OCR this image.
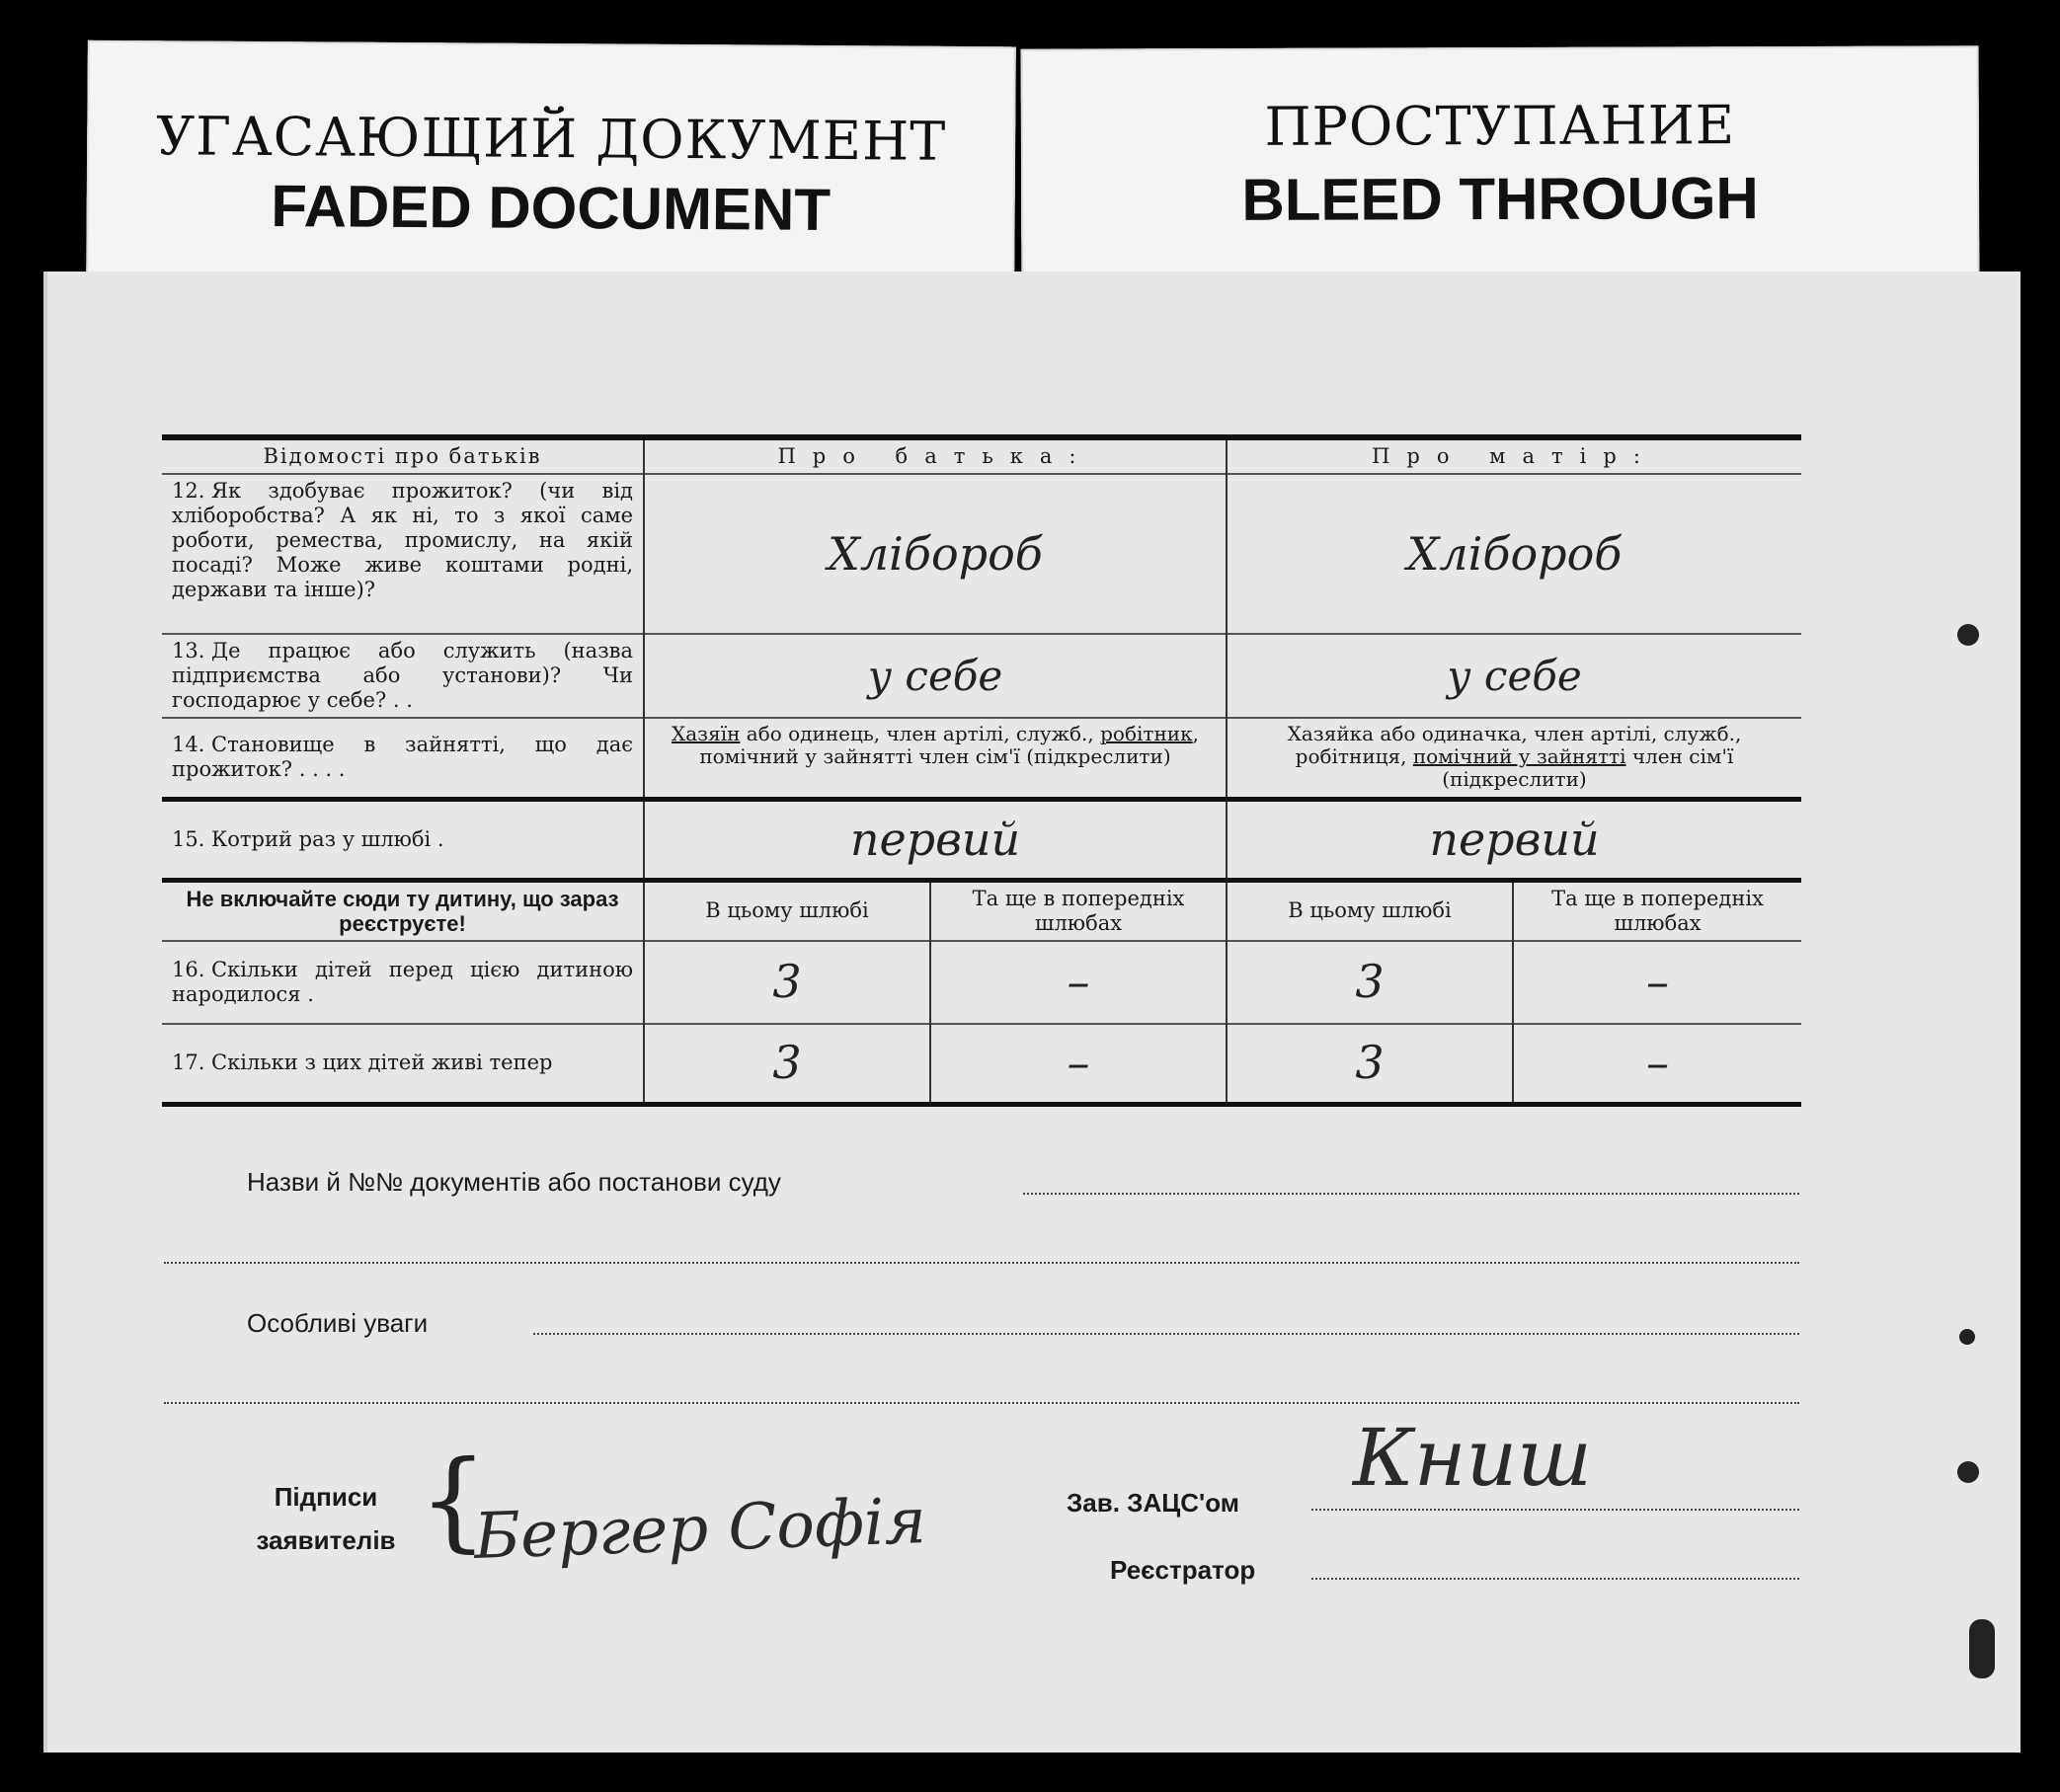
УГАСАЮЩИЙ ДОКУМЕНТ
FADED DOCUMENT
ПРОСТУПАНИЕ
BLEED THROUGH
Відомості про батьків	Про батька:		Про матір:	
12. Як здобуває прожиток? (чи від хліборобства? А як ні, то з якої саме роботи, ремества, промислу, на якій посаді? Може живе коштами родні, держави та інше)?	Хлібороб		Хлібороб	
13. Де працює або служить (назва підприємства або установи)? Чи господарює у себе? . .	у себе		у себе	
14. Становище в зайнятті, що дає прожиток? . . . .	Хазяїн або одинець, член артілі, служб., робітник, помічний у зайнятті член сім'ї (підкреслити)		Хазяйка або одиначка, член артілі, служб., робітниця, помічний у зайнятті член сім'ї (підкреслити)	
15. Котрий раз у шлюбі .	первий		первий	
Не включайте сюди ту дитину, що зараз реєструєте!	В цьому шлюбі	Та ще в попередніх шлюбах	В цьому шлюбі	Та ще в попередніх шлюбах
16. Скільки дітей перед цією дитиною народилося .	3	–	3	–
17. Скільки з цих дітей живі тепер	3	–	3	–
Назви й №№ документів або постанови суду
Особливі уваги
Підписи
заявителів {
Бергер Софія	Зав. ЗАЦС'ом Книш
Реєстратор
